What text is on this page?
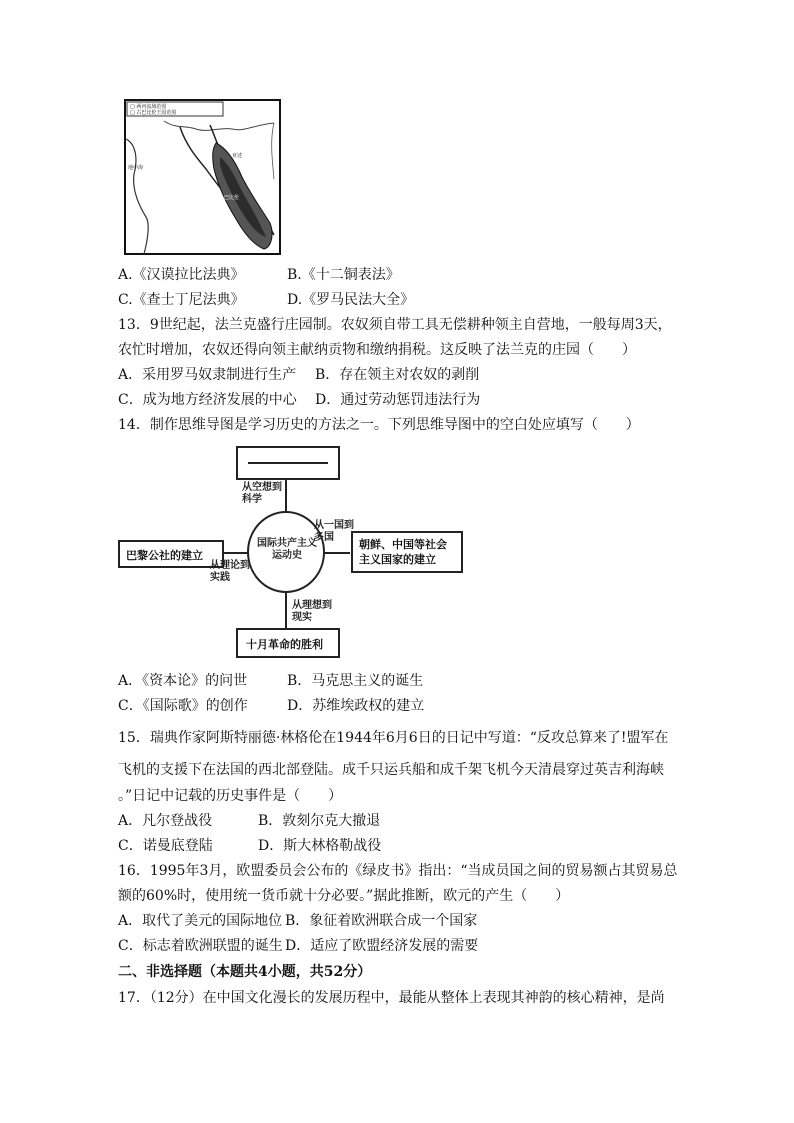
□ 两河流域范围
□ 古巴比伦王国范围
巴比伦
亚述
地中海
A.《汉谟拉比法典》	B.《十二铜表法》
C.《查士丁尼法典》	D.《罗马民法大全》
13．9世纪起，法兰克盛行庄园制。农奴须自带工具无偿耕种领主自营地，一般每周3天，
农忙时增加，农奴还得向领主献纳贡物和缴纳捐税。这反映了法兰克的庄园（　　）
A．采用罗马奴隶制进行生产 B．存在领主对农奴的剥削
C．成为地方经济发展的中心 D．通过劳动惩罚违法行为
14．制作思维导图是学习历史的方法之一。下列思维导图中的空白处应填写（　　）
国际共产主义
运动史
巴黎公社的建立
朝鲜、中国等社会
主义国家的建立
十月革命的胜利
从空想到
科学
从理论到
实践
从一国到
多国
从理想到
现实
A．《资本论》的问世	B．马克思主义的诞生
C．《国际歌》的创作	D．苏维埃政权的建立
15．瑞典作家阿斯特丽德·林格伦在1944年6月6日的日记中写道：“反攻总算来了!盟军在
飞机的支援下在法国的西北部登陆。成千只运兵船和成千架飞机今天清晨穿过英吉利海峡
。”日记中记载的历史事件是（　　）
A．凡尔登战役	B．敦刻尔克大撤退
C．诺曼底登陆	D．斯大林格勒战役
16．1995年3月，欧盟委员会公布的《绿皮书》指出：“当成员国之间的贸易额占其贸易总
额的60%时，使用统一货币就十分必要。”据此推断，欧元的产生（　　）
A．取代了美元的国际地位 B．象征着欧洲联合成一个国家
C．标志着欧洲联盟的诞生 D．适应了欧盟经济发展的需要
二、非选择题（本题共4小题，共52分）
17．（12分）在中国文化漫长的发展历程中，最能从整体上表现其神韵的核心精神，是尚
